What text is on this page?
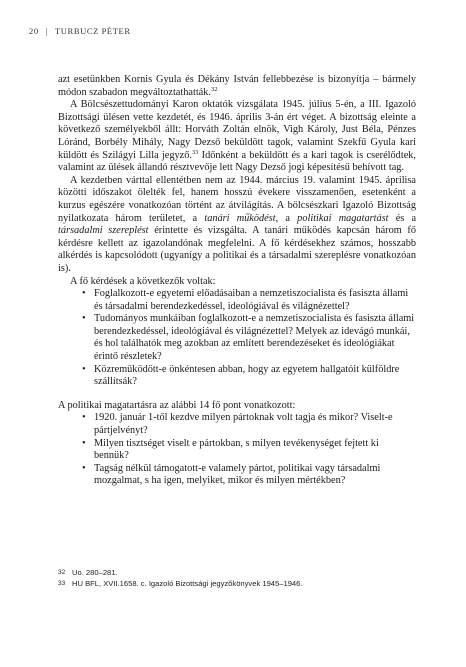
20 | TURBUCZ PÉTER

azt esetünkben Kornis Gyula és Dékány István fellebbezése is bizonyítja – bármely módon szabadon megváltoztathatták.$^{32}$

A Bölcsészettudományi Karon oktatók vizsgálata 1945. július 5-én, a III. Igazoló Bizottsági ülésen vette kezdetét, és 1946. április 3-án ért véget. A bizottság eleinte a következő személyekből állt: Horváth Zoltán elnök, Vigh Károly, Just Béla, Pénzes Lóránd, Borbély Mihály, Nagy Dezső beküldött tagok, valamint Szekfű Gyula kari küldött és Szilágyi Lilla jegyző.$^{33}$ Időnként a beküldött és a kari tagok is cserélődtek, valamint az ülések állandó résztvevője lett Nagy Dezső jogi képesítésű behívott tag.

A kezdetben várttal ellentétben nem az 1944. március 19. valamint 1945. áprilisa közötti időszakot ölelték fel, hanem hosszú évekere visszamenően, esetenként a kurzus egészére vonatkozóan történt az átvilágítás. A bölcsészkari Igazoló Bizottság nyilatkozata három területet, a tanári működést, a politikai magatartást és a társadalmi szereplést érintette és vizsgálta. A tanári működés kapcsán három fő kérdésre kellett az igazolandónak megfelelni. A fő kérdésekhez számos, hosszabb alkérdés is kapcsolódott (ugyanígy a politikai és a társadalmi szereplésre vonatkozóan is).

A fő kérdések a következők voltak:

• Foglalkozott-e egyetemi előadásaiban a nemzetiszocialista és fasiszta állami és társadalmi berendezkedéssel, ideológiával és világnézettel?
• Tudományos munkáiban foglalkozott-e a nemzetiszocialista és fasiszta állami berendezkedéssel, ideológiával és világnézettel? Melyek az idevágó munkái, és hol találhatók meg azokban az említett berendezéseket és ideológiákat érintő részletek?
• Közreműködött-e önkéntesen abban, hogy az egyetem hallgatóit külföldre szállítsák?

A politikai magatartásra az alábbi 14 fő pont vonatkozott:

• 1920. január 1-től kezdve milyen pártoknak volt tagja és mikor? Viselt-e pártjelvényt?
• Milyen tisztséget viselt e pártokban, s milyen tevékenységet fejtett ki bennük?
• Tagság nélkül támogatott-e valamely pártot, politikai vagy társadalmi mozgalmat, s ha igen, melyiket, mikor és milyen mértékben?
32 Uo. 280–281.
33 HU BFL, XVII.1658. c. Igazoló Bizottsági jegyzőkönyvek 1945–1946.
